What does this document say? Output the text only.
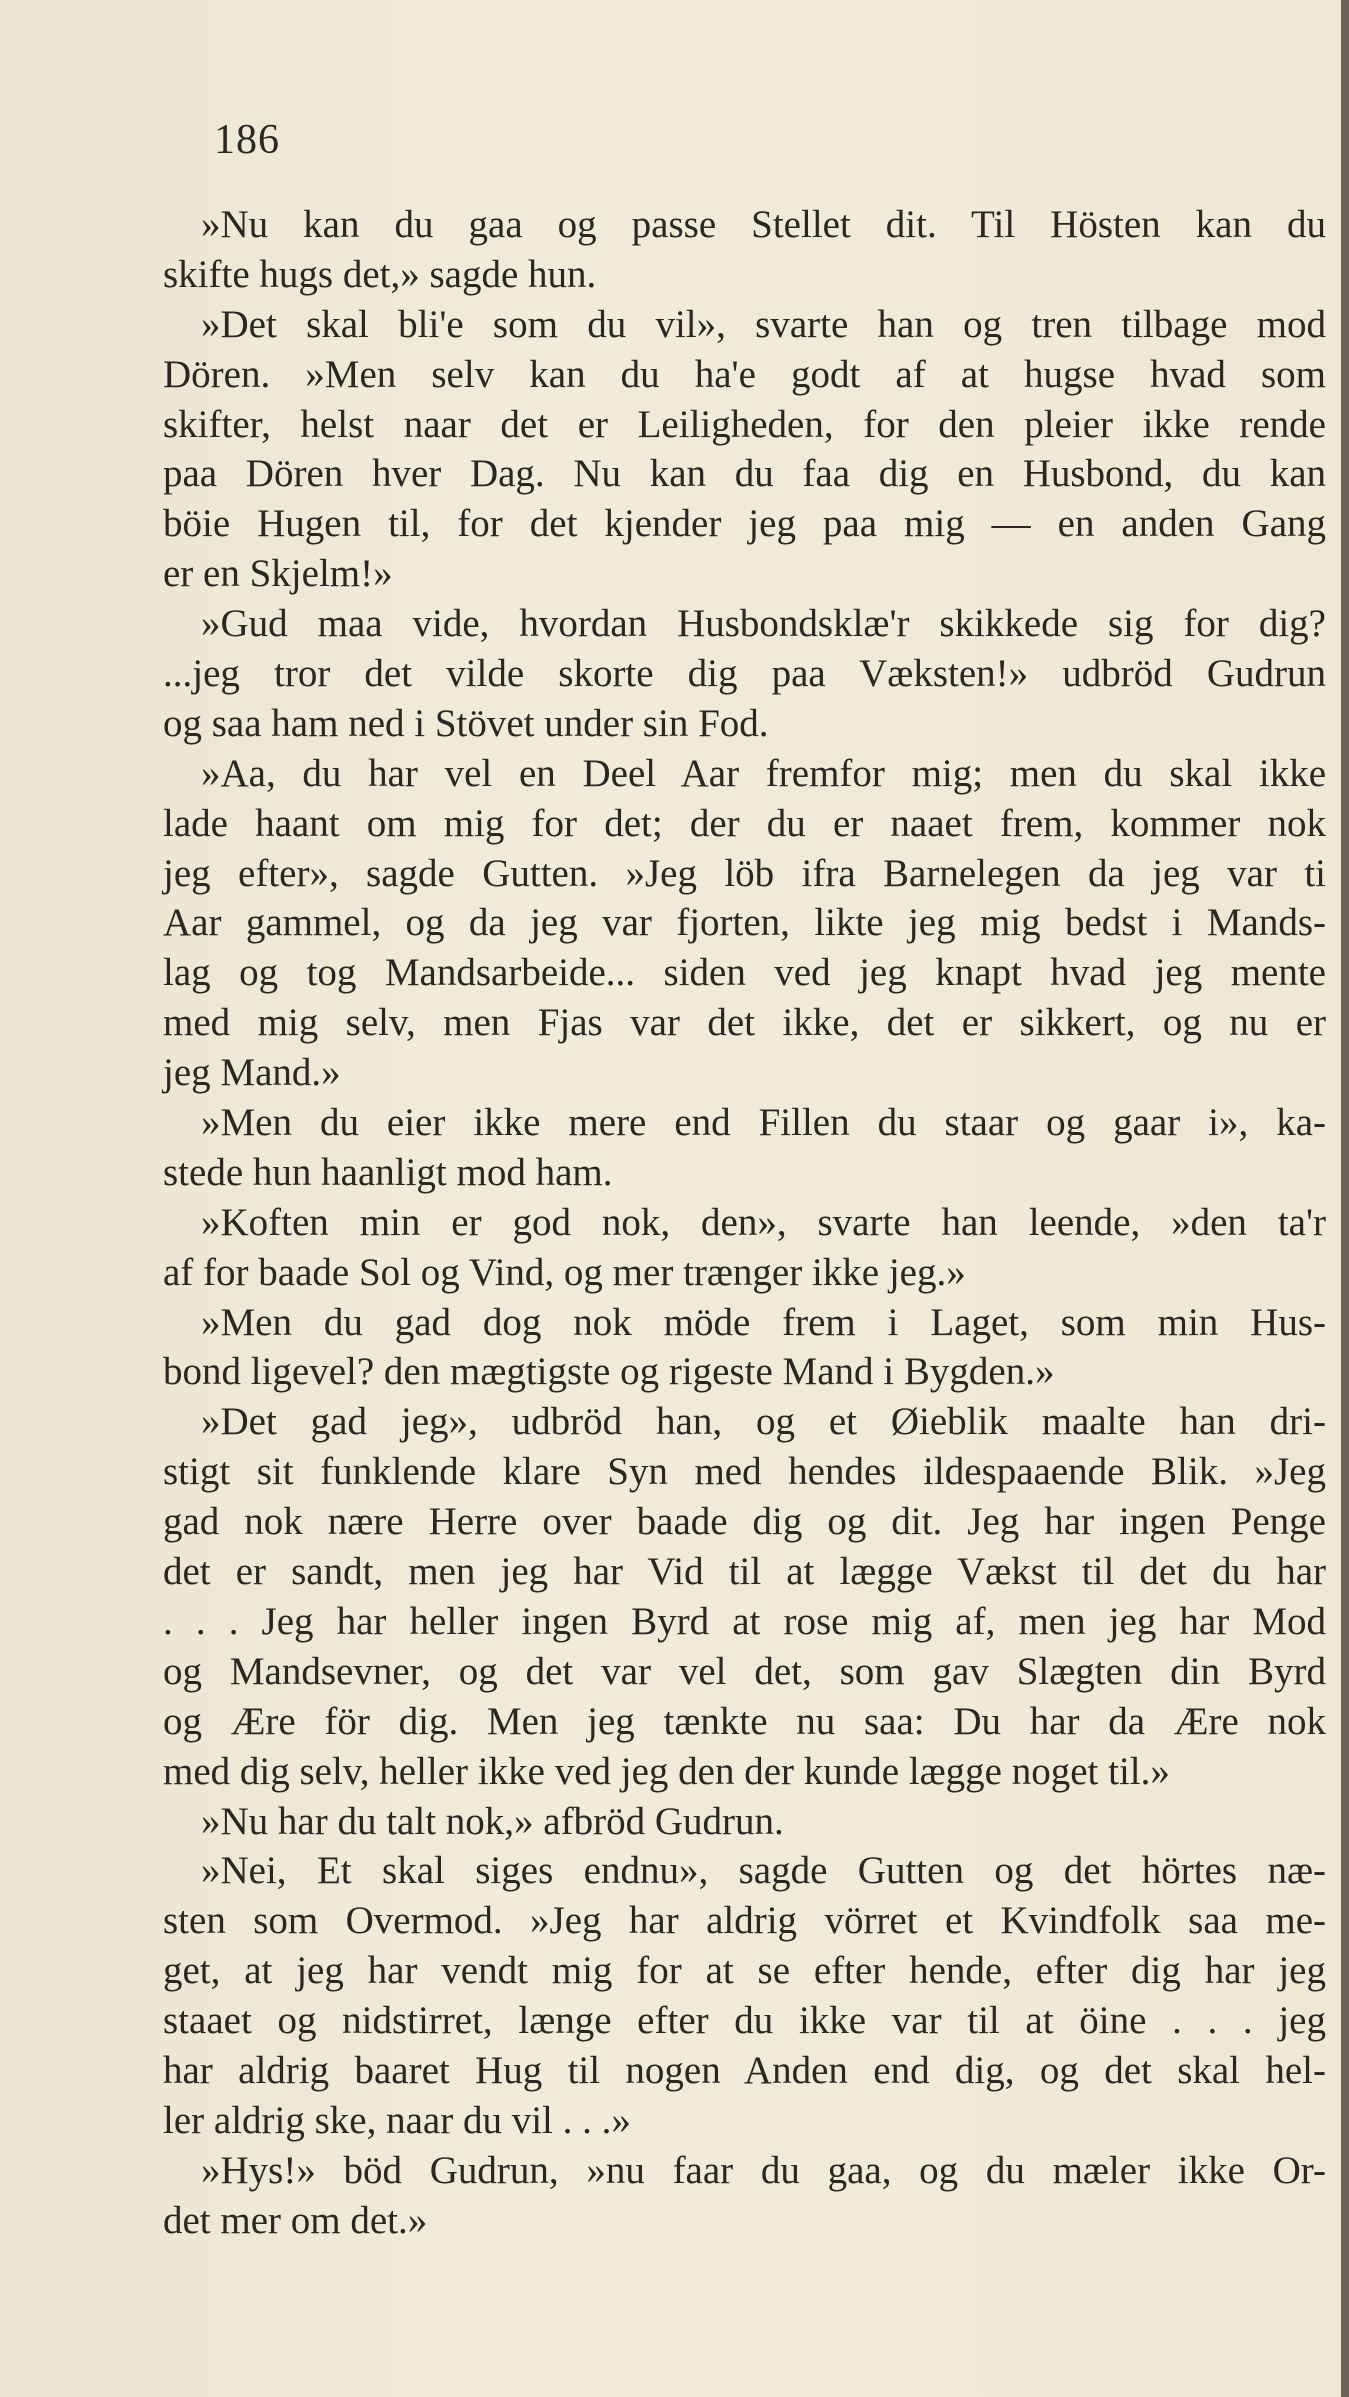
186
»Nu kan du gaa og passe Stellet dit. Til Hösten kan du
skifte hugs det,» sagde hun.
»Det skal bli'e som du vil», svarte han og tren tilbage mod
Dören. »Men selv kan du ha'e godt af at hugse hvad som
skifter, helst naar det er Leiligheden, for den pleier ikke rende
paa Dören hver Dag. Nu kan du faa dig en Husbond, du kan
böie Hugen til, for det kjender jeg paa mig — en anden Gang
er en Skjelm!»
»Gud maa vide, hvordan Husbondsklæ'r skikkede sig for dig?
...jeg tror det vilde skorte dig paa Væksten!» udbröd Gudrun
og saa ham ned i Stövet under sin Fod.
»Aa, du har vel en Deel Aar fremfor mig; men du skal ikke
lade haant om mig for det; der du er naaet frem, kommer nok
jeg efter», sagde Gutten. »Jeg löb ifra Barnelegen da jeg var ti
Aar gammel, og da jeg var fjorten, likte jeg mig bedst i Mands-
lag og tog Mandsarbeide... siden ved jeg knapt hvad jeg mente
med mig selv, men Fjas var det ikke, det er sikkert, og nu er
jeg Mand.»
»Men du eier ikke mere end Fillen du staar og gaar i», ka-
stede hun haanligt mod ham.
»Koften min er god nok, den», svarte han leende, »den ta'r
af for baade Sol og Vind, og mer trænger ikke jeg.»
»Men du gad dog nok möde frem i Laget, som min Hus-
bond ligevel? den mægtigste og rigeste Mand i Bygden.»
»Det gad jeg», udbröd han, og et Øieblik maalte han dri-
stigt sit funklende klare Syn med hendes ildespaaende Blik. »Jeg
gad nok nære Herre over baade dig og dit. Jeg har ingen Penge
det er sandt, men jeg har Vid til at lægge Vækst til det du har
. . . Jeg har heller ingen Byrd at rose mig af, men jeg har Mod
og Mandsevner, og det var vel det, som gav Slægten din Byrd
og Ære för dig. Men jeg tænkte nu saa: Du har da Ære nok
med dig selv, heller ikke ved jeg den der kunde lægge noget til.»
»Nu har du talt nok,» afbröd Gudrun.
»Nei, Et skal siges endnu», sagde Gutten og det hörtes næ-
sten som Overmod. »Jeg har aldrig vörret et Kvindfolk saa me-
get, at jeg har vendt mig for at se efter hende, efter dig har jeg
staaet og nidstirret, længe efter du ikke var til at öine . . . jeg
har aldrig baaret Hug til nogen Anden end dig, og det skal hel-
ler aldrig ske, naar du vil . . .»
»Hys!» böd Gudrun, »nu faar du gaa, og du mæler ikke Or-
det mer om det.»
